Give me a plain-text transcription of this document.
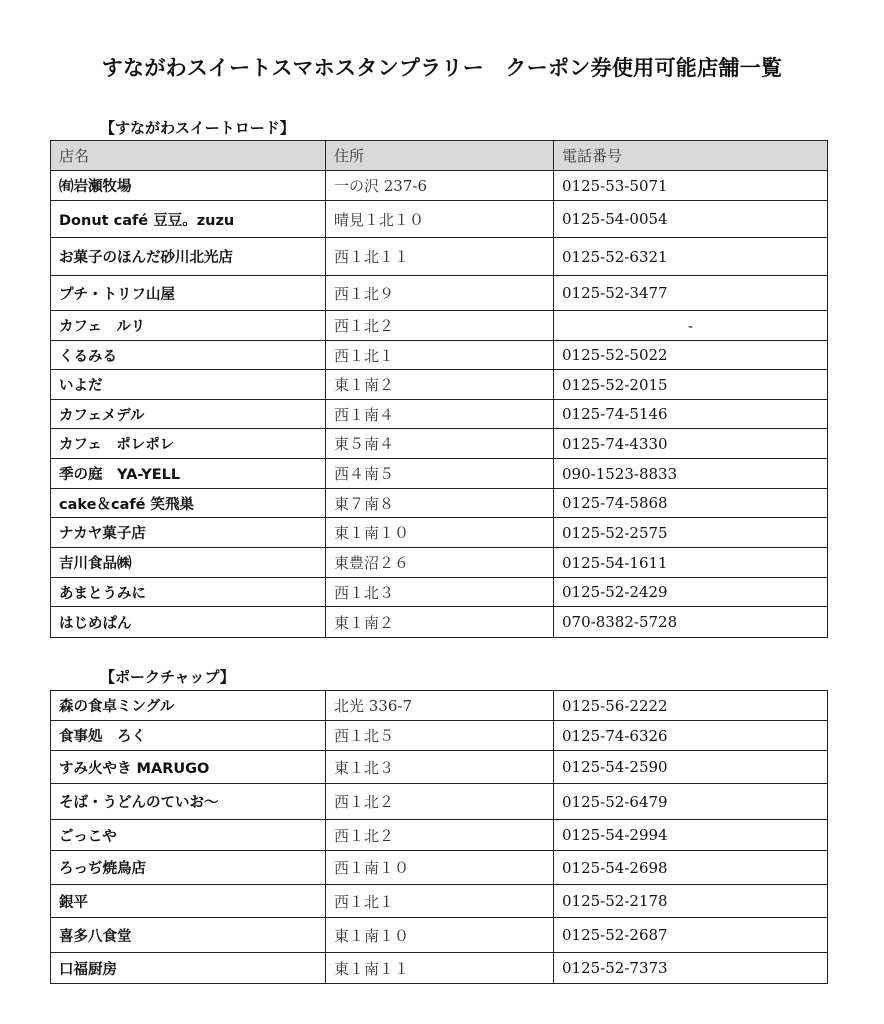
すながわスイートスマホスタンプラリー　クーポン券使用可能店舗一覧
【すながわスイートロード】
店名	住所	電話番号
㈲岩瀬牧場	一の沢 237-6	0125-53-5071
Donut café 豆豆。zuzu	晴見１北１０	0125-54-0054
お菓子のほんだ砂川北光店	西１北１１	0125-52-6321
プチ・トリフ山屋	西１北９	0125-52-3477
カフェ　ルリ	西１北２	-
くるみる	西１北１	0125-52-5022
いよだ	東１南２	0125-52-2015
カフェメデル	西１南４	0125-74-5146
カフェ　ポレポレ	東５南４	0125-74-4330
季の庭　YA-YELL	西４南５	090-1523-8833
cake＆café 笑飛巣	東７南８	0125-74-5868
ナカヤ菓子店	東１南１０	0125-52-2575
吉川食品㈱	東豊沼２６	0125-54-1611
あまとうみに	西１北３	0125-52-2429
はじめぱん	東１南２	070-8382-5728
【ポークチャップ】
森の食卓ミングル	北光 336-7	0125-56-2222
食事処　ろく	西１北５	0125-74-6326
すみ火やき MARUGO	東１北３	0125-54-2590
そば・うどんのていお～	西１北２	0125-52-6479
ごっこや	西１北２	0125-54-2994
ろっぢ焼鳥店	西１南１０	0125-54-2698
銀平	西１北１	0125-52-2178
喜多八食堂	東１南１０	0125-52-2687
口福厨房	東１南１１	0125-52-7373
